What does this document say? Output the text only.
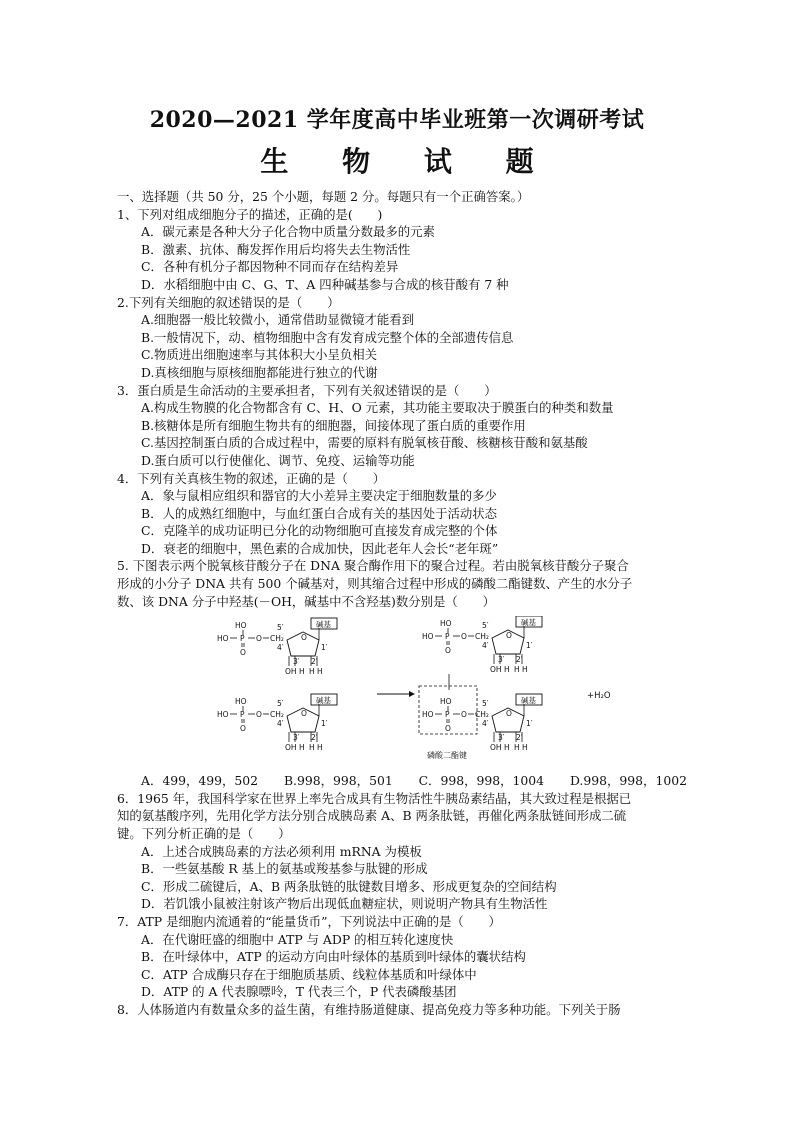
2020—2021 学年度高中毕业班第一次调研考试
生 物 试 题
一、选择题（共 50 分，25 个小题，每题 2 分。每题只有一个正确答案。）
1、下列对组成细胞分子的描述，正确的是(　　)
A．碳元素是各种大分子化合物中质量分数最多的元素
B．激素、抗体、酶发挥作用后均将失去生物活性
C．各种有机分子都因物种不同而存在结构差异
D．水稻细胞中由 C、G、T、A 四种碱基参与合成的核苷酸有 7 种
2.下列有关细胞的叙述错误的是（　　）
A.细胞器一般比较微小，通常借助显微镜才能看到
B.一般情况下，动、植物细胞中含有发育成完整个体的全部遗传信息
C.物质进出细胞速率与其体积大小呈负相关
D.真核细胞与原核细胞都能进行独立的代谢
3．蛋白质是生命活动的主要承担者，下列有关叙述错误的是（　　）
A.构成生物膜的化合物都含有 C、H、O 元素，其功能主要取决于膜蛋白的种类和数量
B.核糖体是所有细胞生物共有的细胞器，间接体现了蛋白质的重要作用
C.基因控制蛋白质的合成过程中，需要的原料有脱氧核苷酸、核糖核苷酸和氨基酸
D.蛋白质可以行使催化、调节、免疫、运输等功能
4．下列有关真核生物的叙述，正确的是（　　）
A．象与鼠相应组织和器官的大小差异主要决定于细胞数量的多少
B．人的成熟红细胞中，与血红蛋白合成有关的基因处于活动状态
C．克隆羊的成功证明已分化的动物细胞可直接发育成完整的个体
D．衰老的细胞中，黑色素的合成加快，因此老年人会长“老年斑”
5. 下图表示两个脱氧核苷酸分子在 DNA 聚合酶作用下的聚合过程。若由脱氧核苷酸分子聚合
形成的小分子 DNA 共有 500 个碱基对，则其缩合过程中形成的磷酸二酯键数、产生的水分子
数、该 DNA 分子中羟基(－OH，碱基中不含羟基)数分别是（　　）
磷酸二酯键
+H₂O
A．499，499，502 B.998，998，501 C．998，998，1004 D.998，998，1002
6．1965 年，我国科学家在世界上率先合成具有生物活性牛胰岛素结晶，其大致过程是根据已
知的氨基酸序列，先用化学方法分别合成胰岛素 A、B 两条肽链，再催化两条肽链间形成二硫
键。下列分析正确的是（　　）
A．上述合成胰岛素的方法必须利用 mRNA 为模板
B．一些氨基酸 R 基上的氨基或羧基参与肽键的形成
C．形成二硫键后，A、B 两条肽链的肽键数目增多、形成更复杂的空间结构
D．若饥饿小鼠被注射该产物后出现低血糖症状，则说明产物具有生物活性
7．ATP 是细胞内流通着的“能量货币”，下列说法中正确的是（　　）
A．在代谢旺盛的细胞中 ATP 与 ADP 的相互转化速度快
B．在叶绿体中，ATP 的运动方向由叶绿体的基质到叶绿体的囊状结构
C．ATP 合成酶只存在于细胞质基质、线粒体基质和叶绿体中
D．ATP 的 A 代表腺嘌呤，T 代表三个，P 代表磷酸基团
8．人体肠道内有数量众多的益生菌，有维持肠道健康、提高免疫力等多种功能。下列关于肠
